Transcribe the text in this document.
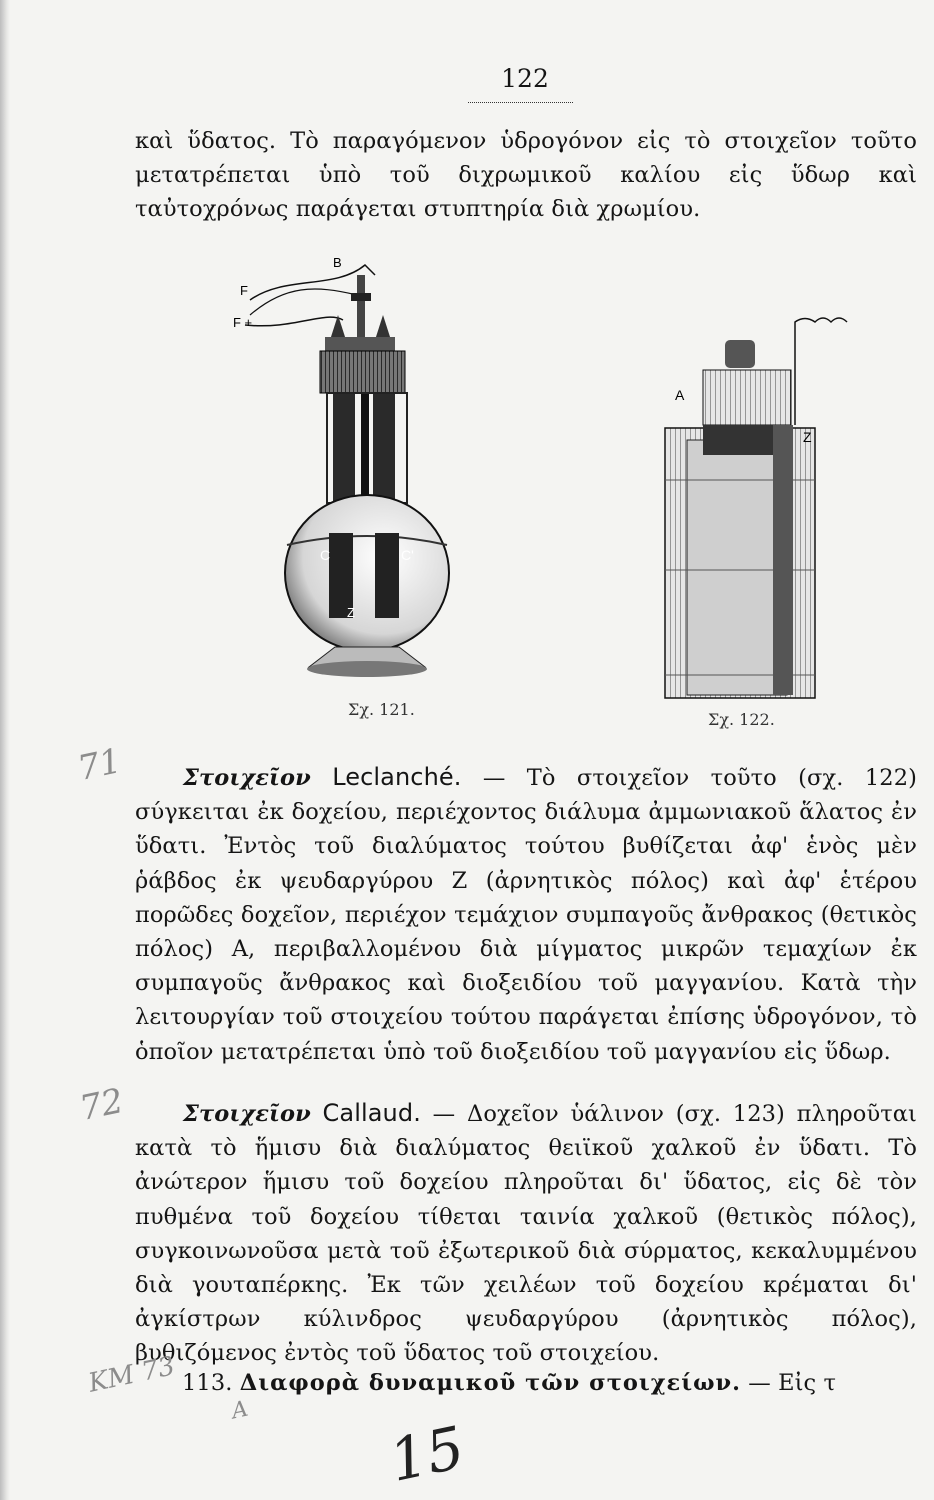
122
καὶ ὕδατος. Τὸ παραγόμενον ὑδρογόνον εἰς τὸ στοιχεῖον τοῦτο μετατρέπεται ὑπὸ τοῦ διχρωμικοῦ καλίου εἰς ὕδωρ καὶ ταὐτοχρόνως παράγεται στυπτηρία διὰ χρωμίου.
B
F
F +
C	C'
Z
Σχ. 121.
A
Z
Σχ. 122.
Στοιχεῖον Leclanché. — Τὸ στοιχεῖον τοῦτο (σχ. 122) σύγκειται ἐκ δοχείου, περιέχοντος διάλυμα ἀμμωνιακοῦ ἅλατος ἐν ὕδατι. Ἐντὸς τοῦ διαλύματος τούτου βυθίζεται ἀφ' ἑνὸς μὲν ῥάβδος ἐκ ψευδαργύρου Ζ (ἀρνητικὸς πόλος) καὶ ἀφ' ἑτέρου πορῶδες δοχεῖον, περιέχον τεμάχιον συμπαγοῦς ἄνθρακος (θετικὸς πόλος) Α, περιβαλλομένου διὰ μίγματος μικρῶν τεμαχίων ἐκ συμπαγοῦς ἄνθρακος καὶ διοξειδίου τοῦ μαγγανίου. Κατὰ τὴν λειτουργίαν τοῦ στοιχείου τούτου παράγεται ἐπίσης ὑδρογόνον, τὸ ὁποῖον μετατρέπεται ὑπὸ τοῦ διοξειδίου τοῦ μαγγανίου εἰς ὕδωρ.
Στοιχεῖον Callaud. — Δοχεῖον ὑάλινον (σχ. 123) πληροῦται κατὰ τὸ ἥμισυ διὰ διαλύματος θειϊκοῦ χαλκοῦ ἐν ὕδατι. Τὸ ἀνώτερον ἥμισυ τοῦ δοχείου πληροῦται δι' ὕδατος, εἰς δὲ τὸν πυθμένα τοῦ δοχείου τίθεται ταινία χαλκοῦ (θετικὸς πόλος), συγκοινωνοῦσα μετὰ τοῦ ἐξωτερικοῦ διὰ σύρματος, κεκαλυμμένου διὰ γουταπέρκης. Ἐκ τῶν χειλέων τοῦ δοχείου κρέμαται δι' ἀγκίστρων κύλινδρος ψευδαργύρου (ἀρνητικὸς πόλος), βυθιζόμενος ἐντὸς τοῦ ὕδατος τοῦ στοιχείου.
113. Διαφορὰ δυναμικοῦ τῶν στοιχείων. — Εἰς τ
71
72
ΚΜ 73
A
15
